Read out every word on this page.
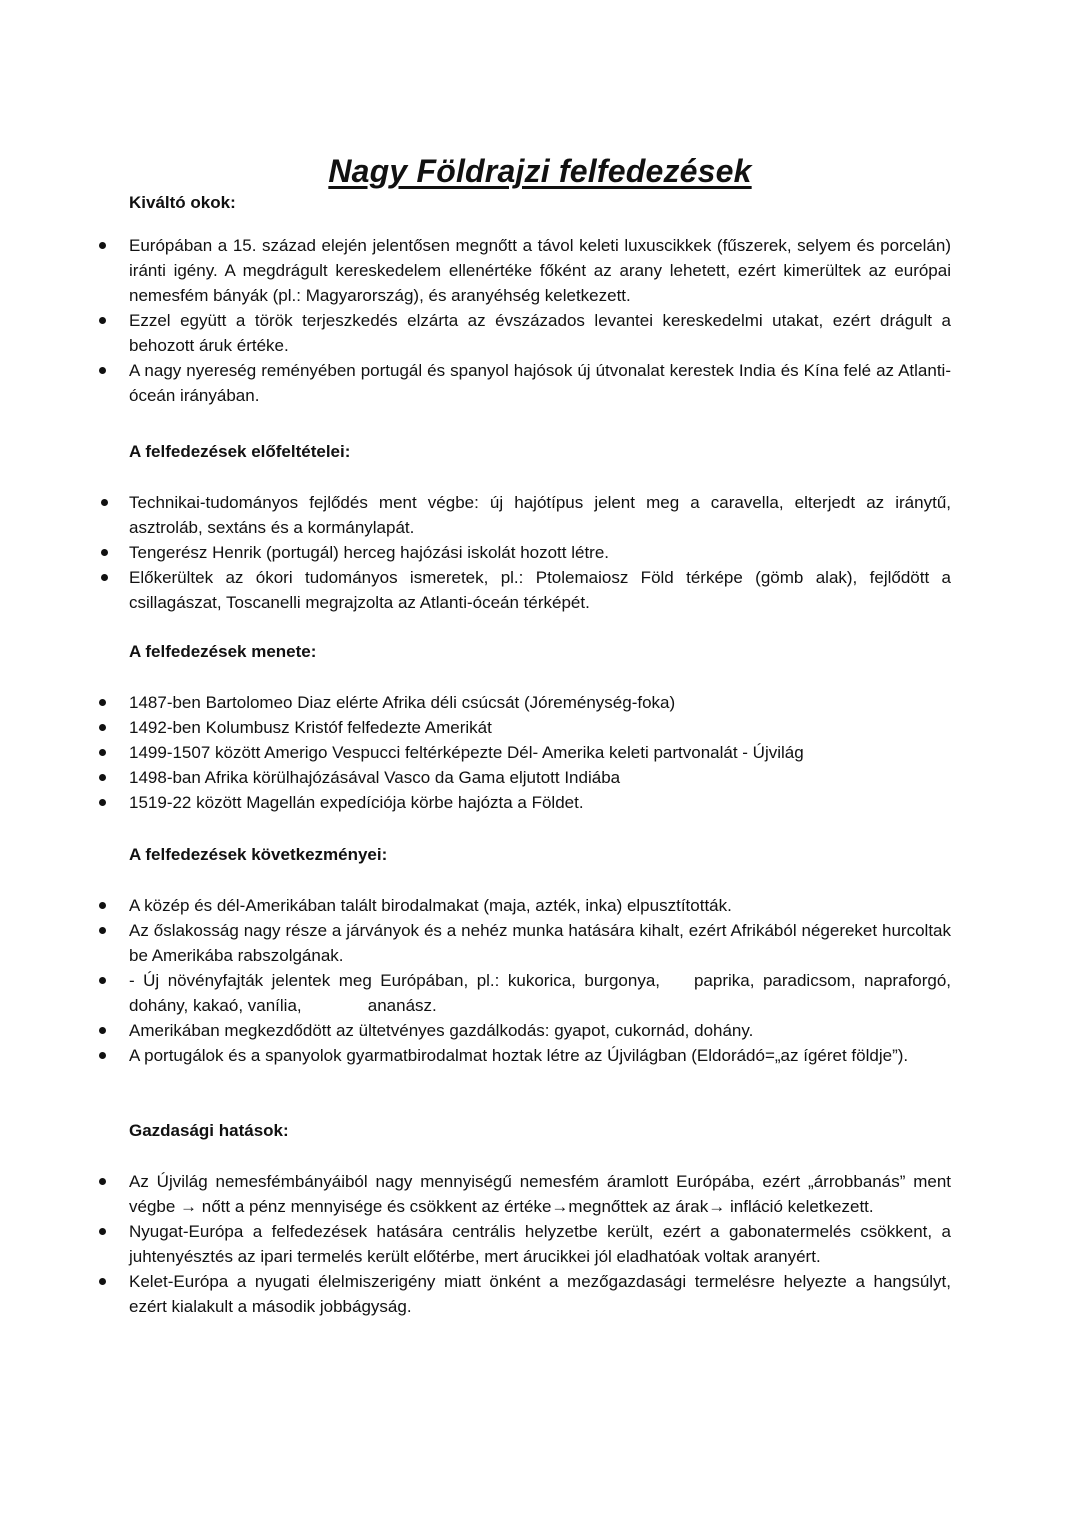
Nagy Földrajzi felfedezések

Kiváltó okok:

Európában a 15. század elején jelentősen megnőtt a távol keleti luxuscikkek (fűszerek, selyem és porcelán) iránti igény. A megdrágult kereskedelem ellenértéke főként az arany lehetett, ezért kimerültek az európai nemesfém bányák (pl.: Magyarország), és aranyéhség keletkezett.
Ezzel együtt a török terjeszkedés elzárta az évszázados levantei kereskedelmi utakat, ezért drágult a behozott áruk értéke.
A nagy nyereség reményében portugál és spanyol hajósok új útvonalat kerestek India és Kína felé az Atlanti-óceán irányában.

A felfedezések előfeltételei:

Technikai-tudományos fejlődés ment végbe: új hajótípus jelent meg a caravella, elterjedt az iránytű, asztroláb, sextáns és a kormánylapát.
Tengerész Henrik (portugál) herceg hajózási iskolát hozott létre.
Előkerültek az ókori tudományos ismeretek, pl.: Ptolemaiosz Föld térképe (gömb alak), fejlődött a csillagászat, Toscanelli megrajzolta az Atlanti-óceán térképét.

A felfedezések menete:

1487-ben Bartolomeo Diaz elérte Afrika déli csúcsát (Jóreménység-foka)
1492-ben Kolumbusz Kristóf felfedezte Amerikát
1499-1507 között Amerigo Vespucci feltérképezte Dél- Amerika keleti partvonalát - Újvilág
1498-ban Afrika körülhajózásával Vasco da Gama eljutott Indiába
1519-22 között Magellán expedíciója körbe hajózta a Földet.

A felfedezések következményei:

A közép és dél-Amerikában talált birodalmakat (maja, azték, inka) elpusztították.
Az őslakosság nagy része a járványok és a nehéz munka hatására kihalt, ezért Afrikából négereket hurcoltak be Amerikába rabszolgának.
- Új növényfajták jelentek meg Európában, pl.: kukorica, burgonya,    paprika, paradicsom, napraforgó, dohány, kakaó, vanília,              ananász.
Amerikában megkezdődött az ültetvényes gazdálkodás: gyapot, cukornád, dohány.
A portugálok és a spanyolok gyarmatbirodalmat hoztak létre az Újvilágban (Eldorádó=„az ígéret földje”).

Gazdasági hatások:

Az Újvilág nemesfémbányáiból nagy mennyiségű nemesfém áramlott Európába, ezért „árrobbanás” ment végbe → nőtt a pénz mennyisége és csökkent az értéke→megnőttek az árak→ infláció keletkezett.
Nyugat-Európa a felfedezések hatására centrális helyzetbe került, ezért a gabonatermelés csökkent, a juhtenyésztés az ipari termelés került előtérbe, mert árucikkei jól eladhatóak voltak aranyért.
Kelet-Európa a nyugati élelmiszerigény miatt önként a mezőgazdasági termelésre helyezte a hangsúlyt, ezért kialakult a második jobbágyság.
